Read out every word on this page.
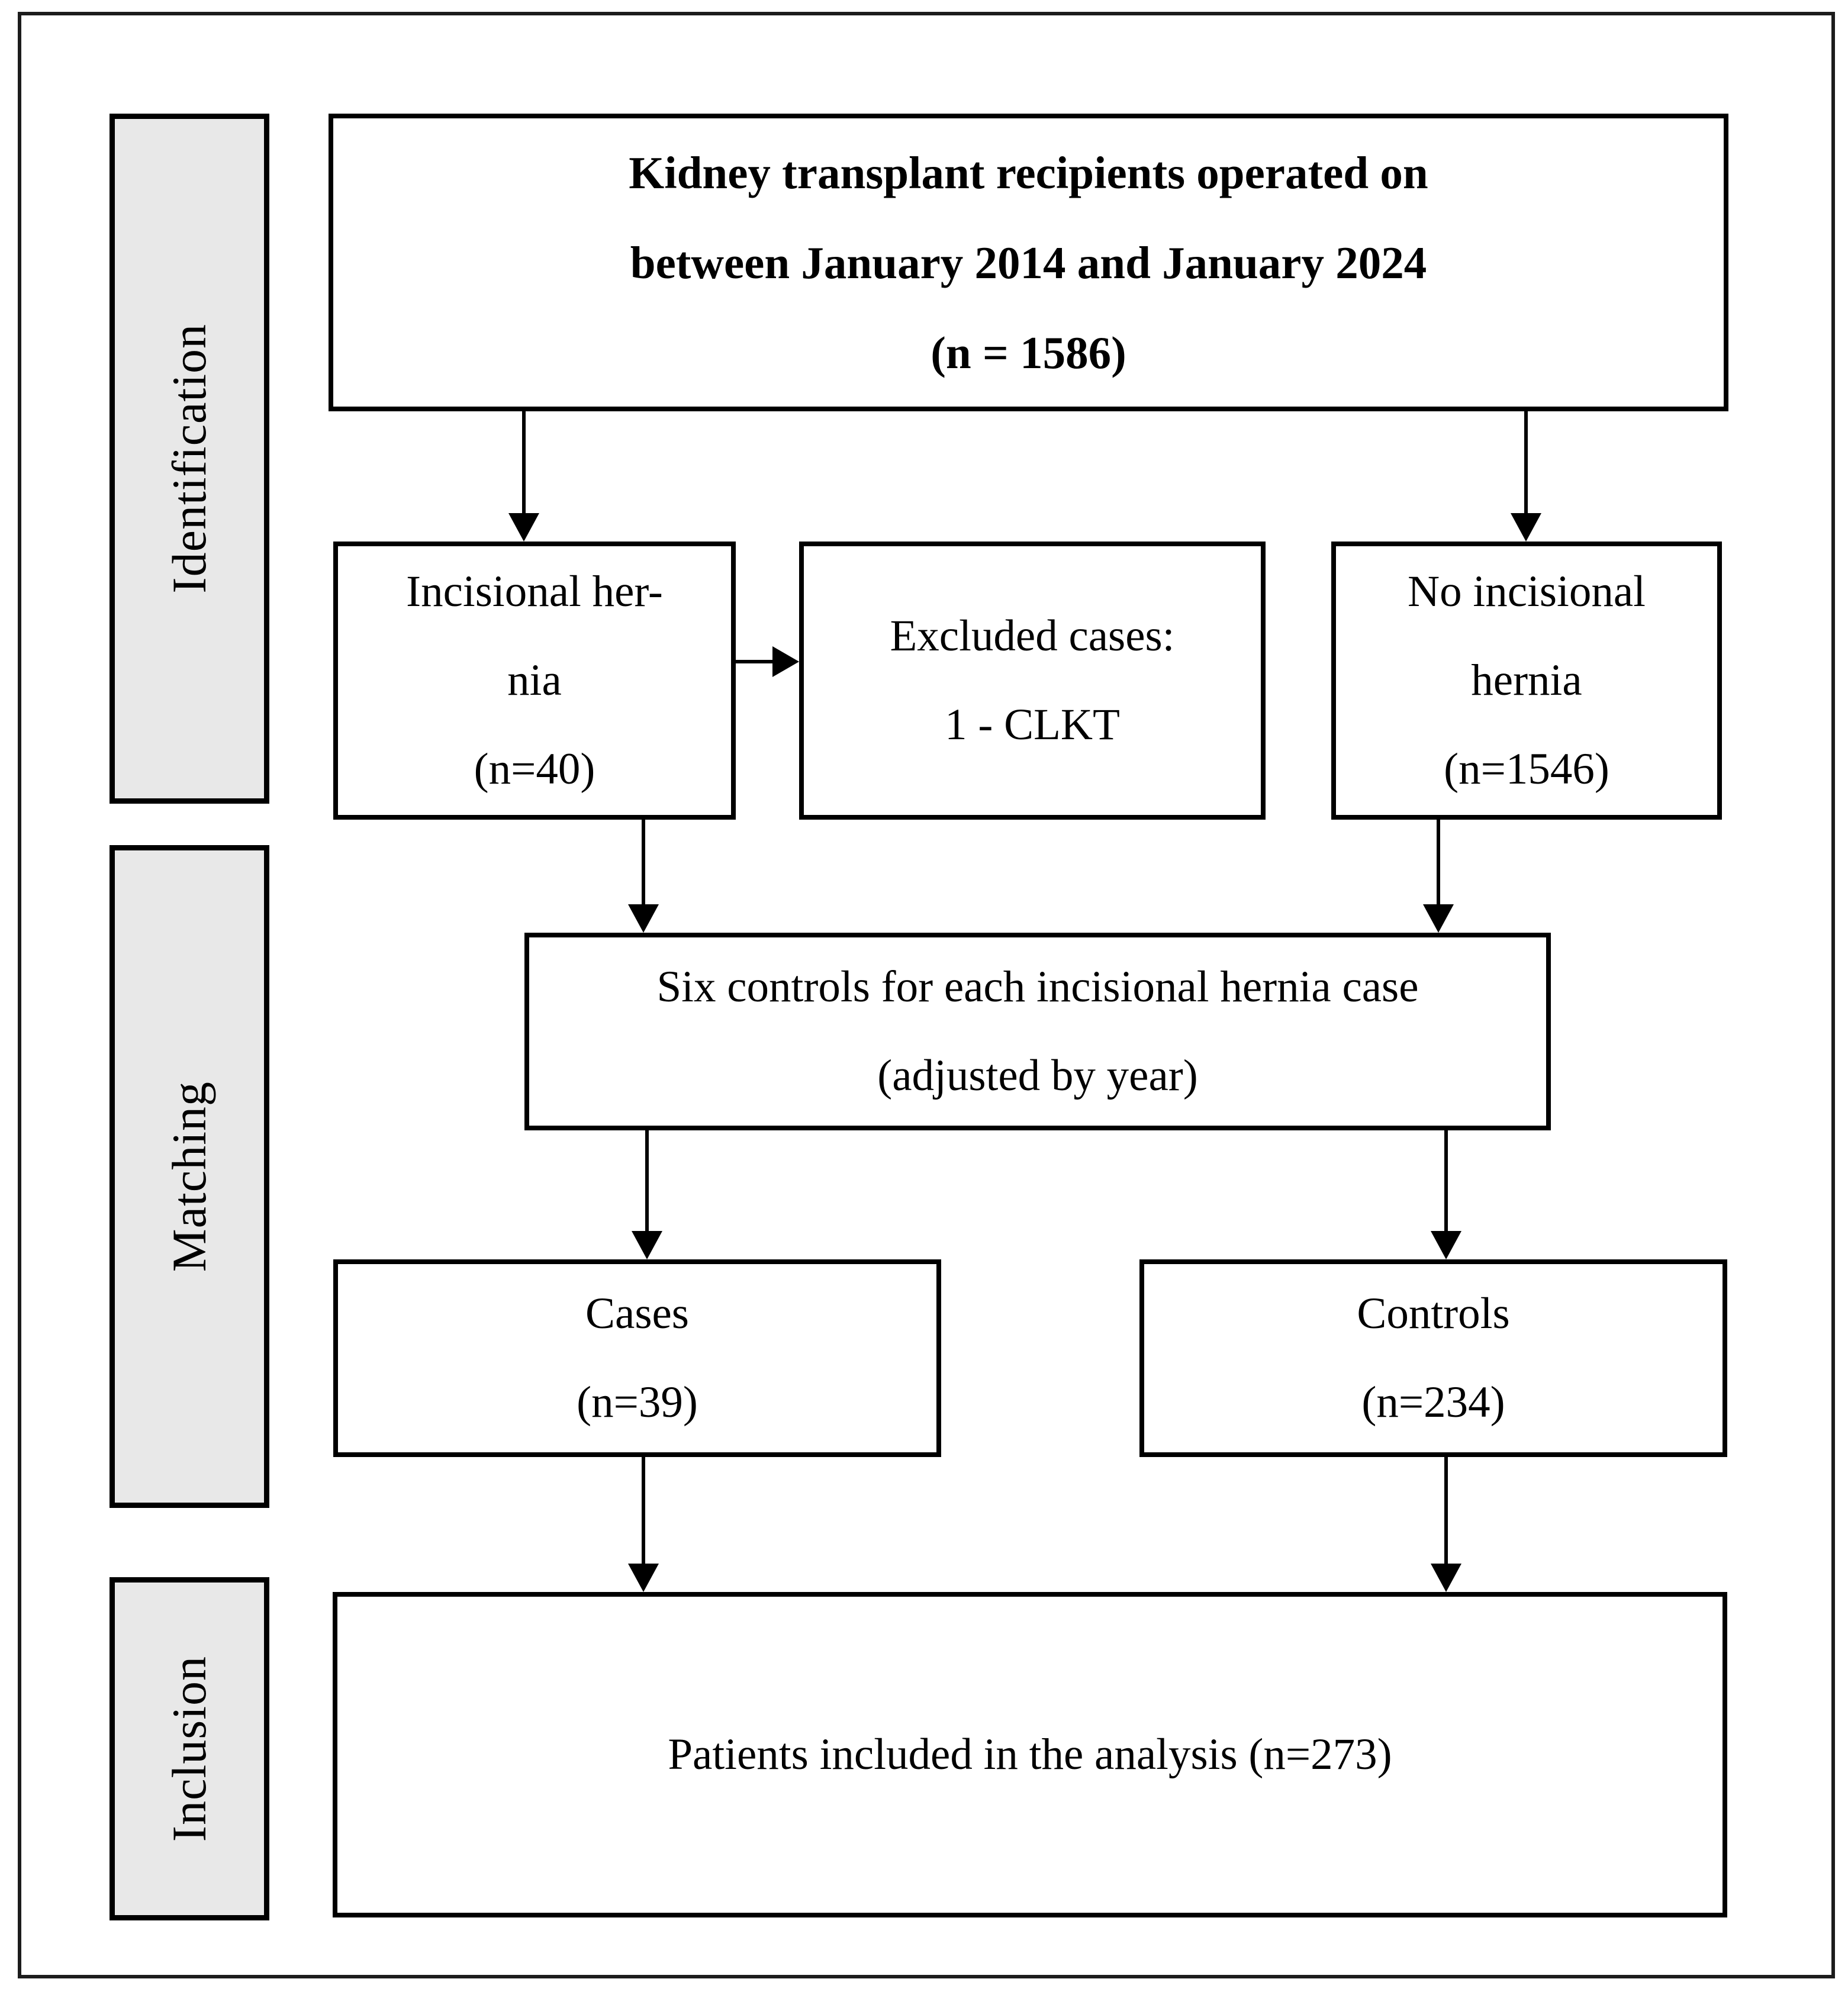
Identification
Matching
Inclusion
Kidney transplant recipients operated on
between January 2014 and January 2024
(n = 1586)
Incisional her-
nia
(n=40)
Excluded cases:
1 - CLKT
No incisional
hernia
(n=1546)
Six controls for each incisional hernia case
(adjusted by year)
Cases
(n=39)
Controls
(n=234)
Patients included in the analysis (n=273)
